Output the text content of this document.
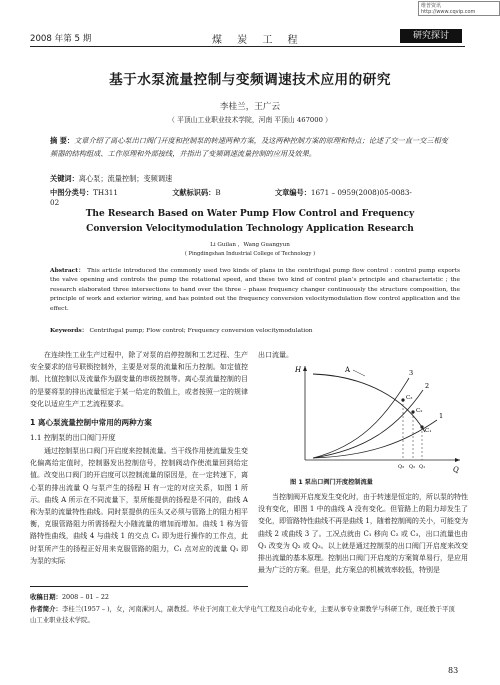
维普资讯 http://www.cqvip.com
2008 年第 5 期	煤 炭 工 程	研究探讨
基于水泵流量控制与变频调速技术应用的研究
李桂兰，王广云
（ 平顶山工业职业技术学院，河南 平顶山 467000 ）
摘 要：文章介绍了离心泵出口阀门开度和控制泵的转速两种方案，及这两种控制方案的原理和特点；论述了交一直一交三相变频器的结构组成、工作原理和外部接线，并指出了变频调速流量控制的应用及效果。
关键词：离心泵；流量控制；变频调速
中图分类号：TH311	文献标识码：B	文章编号：1671 – 0959(2008)05-0083-02
The Research Based on Water Pump Flow Control and Frequency
Conversion Velocitymodulation Technology Application Research
Li Guilan ，Wang Guangyun
( Pingdingshan Industrial College of Technology )
Abstract： This article introduced the commonly used two kinds of plans in the centrifugal pump flow control : control pump exports the valve opening and controls the pump the rotational speed, and these two kind of control plan’s principle and characteristic ; the research elaborated three intersections to hand over the three – phase frequency changer continuously the structure composition, the principle of work and exterior wiring, and has pointed out the frequency conversion velocitymodulation flow control application and the effect.
Keywords： Centrifugal pump; Flow control; Frequency conversion velocitymodulation
在连续性工业生产过程中，除了对泵的启停控制和工艺过程、生产安全要求的信号联锁控制外，主要是对泵的流量和压力控制。如定值控制、比值控制以及流量作为副变量的串级控制等。离心泵流量控制的目的是要将泵的排出流量恒定于某一给定的数值上，或者按照一定的规律变化以适应生产工艺流程要求。
1 离心泵流量控制中常用的两种方案
1.1 控制泵的出口阀门开度
通过控制泵出口阀门开启度来控制流量。当干线作用使流量发生变化偏离给定值时，控制器发出控制信号，控制阀动作使流量回到给定值。改变出口阀门的开启度可以控制流量的原因是，在一定转速下，离心泵的排出流量 Q 与泵产生的扬程 H 有一定的对应关系，如图 1 所示。曲线 A 所示在不同流量下，泵所能提供的扬程是不同的，曲线 A 称为泵的流量特性曲线。同时泵提供的压头又必须与管路上的阻力相平衡，克服管路阻力所需扬程大小随流量的增加而增加。曲线 1 称为管路特性曲线，曲线 4 与曲线 1 的交点 C₁ 即为进行操作的工作点，此时泵所产生的扬程正好用来克服管路的阻力，C₁ 点对应的流量 Q₁ 即为泵的实际
出口流量。
H
Q
A
1
2
3
C₁
C₂
C₃
Q₃ Q₂ Q₁
图 1 泵出口阀门开度控制流量
当控制阀开启度发生变化时，由于转速是恒定的，所以泵的特性没有变化，即图 1 中的曲线 A 没有变化。但管路上的阻力却发生了变化，即管路特性曲线不再是曲线 1，随着控制阀的关小，可能变为曲线 2 或曲线 3 了。工况点就由 C₁ 移向 C₂ 或 C₃，出口流量也由 Q₁ 改变为 Q₂ 或 Q₃。以上就是通过控制泵的出口阀门开启度来改变排出流量的基本原理。控制出口阀门开启度的方案简单易行，是应用最为广泛的方案。但是，此方案总的机械效率较低，特别是
收稿日期：2008 – 01 – 22
作者简介：李桂兰(1957 – )，女，河南漯河人，副教授。毕业于河南工业大学电气工程及自动化专业，主要从事专业课教学与科研工作，现任教于平顶山工业职业技术学院。
83
